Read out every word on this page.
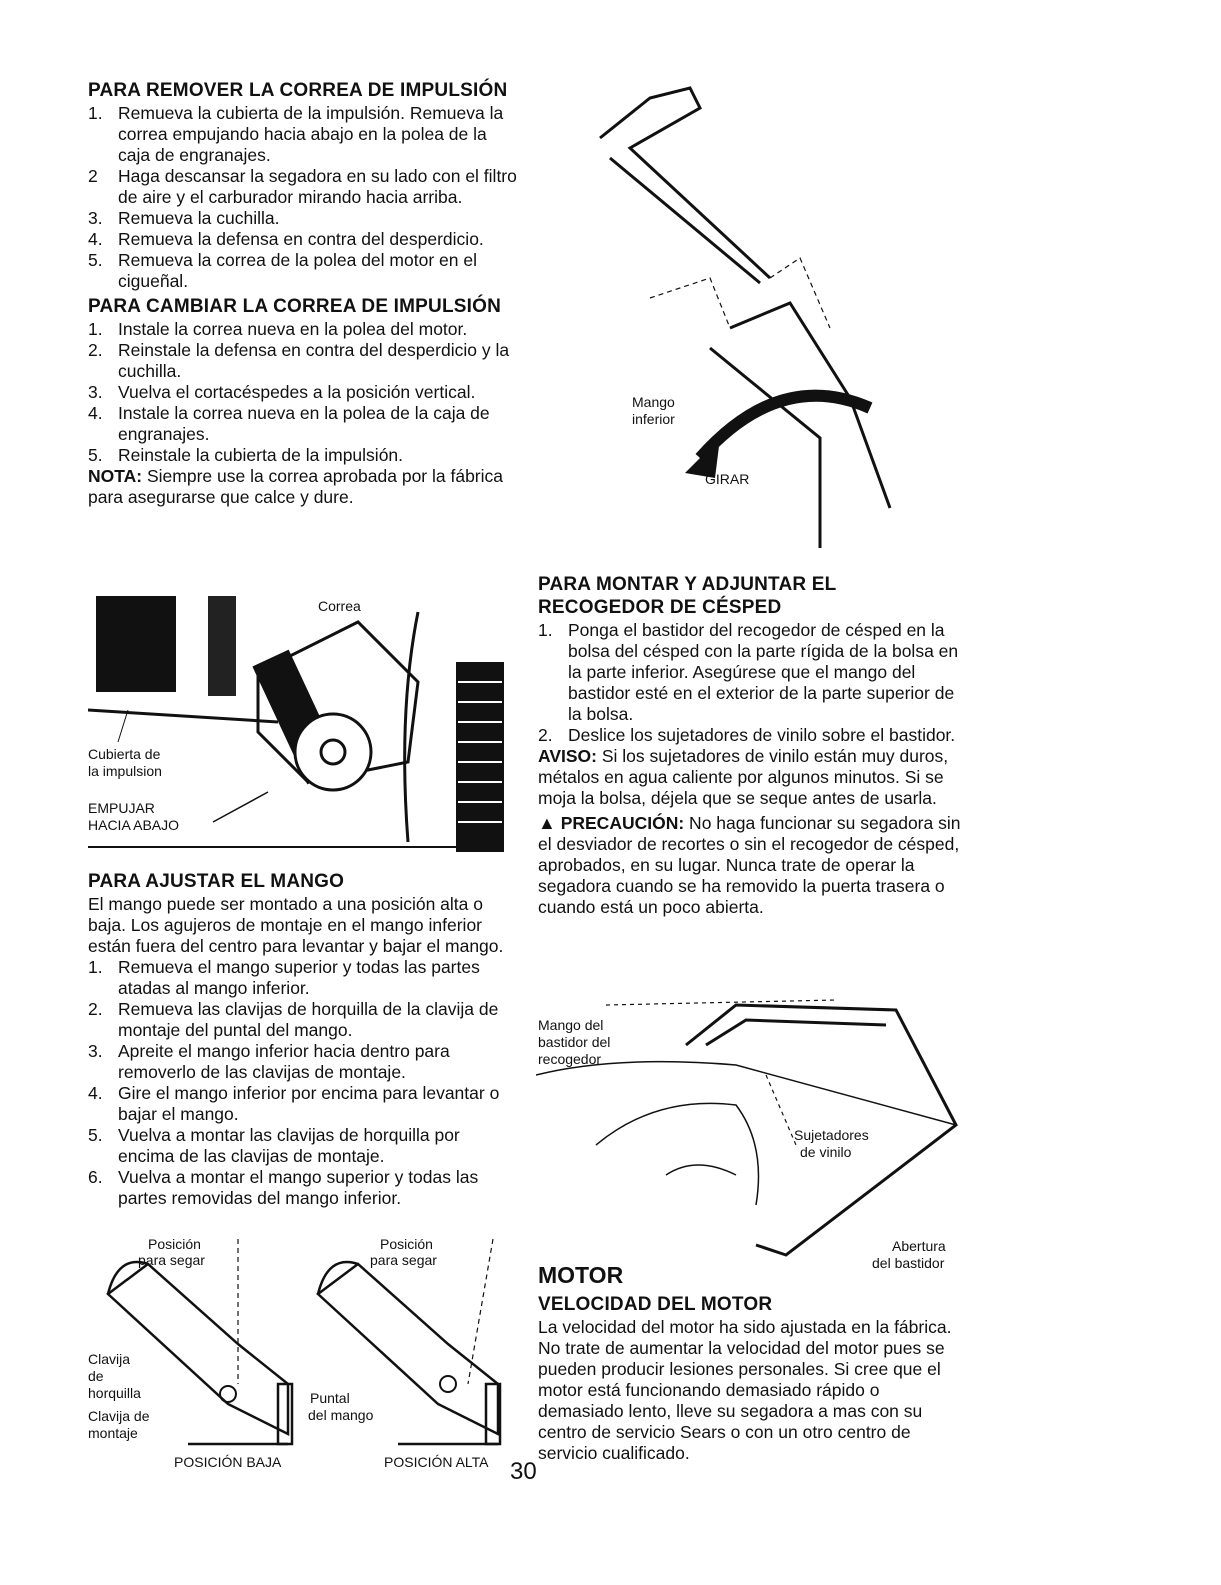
PARA REMOVER LA CORREA DE IMPULSIÓN
1. Remueva la cubierta de la impulsión. Remueva la correa empujando hacia abajo en la polea de la caja de engranajes.
2 Haga descansar la segadora en su lado con el filtro de aire y el carburador mirando hacia arriba.
3. Remueva la cuchilla.
4. Remueva la defensa en contra del desperdicio.
5. Remueva la correa de la polea del motor en el cigueñal.
PARA CAMBIAR LA CORREA DE IMPULSIÓN
1. Instale la correa nueva en la polea del motor.
2. Reinstale la defensa en contra del desperdicio y la cuchilla.
3. Vuelva el cortacéspedes a la posición vertical.
4. Instale la correa nueva en la polea de la caja de engranajes.
5. Reinstale la cubierta de la impulsión.

NOTA: Siempre use la correa aprobada por la fábrica para asegurarse que calce y dure.

Correa
Cubierta de
la impulsion
EMPUJAR
HACIA ABAJO
PARA AJUSTAR EL MANGO

El mango puede ser montado a una posición alta o baja. Los agujeros de montaje en el mango inferior están fuera del centro para levantar y bajar el mango.

1. Remueva el mango superior y todas las partes atadas al mango inferior.
2. Remueva las clavijas de horquilla de la clavija de montaje del puntal del mango.
3. Apreite el mango inferior hacia dentro para removerlo de las clavijas de montaje.
4. Gire el mango inferior por encima para levantar o bajar el mango.
5. Vuelva a montar las clavijas de horquilla por encima de las clavijas de montaje.
6. Vuelva a montar el mango superior y todas las partes removidas del mango inferior.
Posición
para segar
Posición
para segar
Clavija
de
horquilla
Clavija de
montaje
Puntal
del mango
POSICIÓN BAJA	POSICIÓN ALTA
Mango
inferior
GIRAR
PARA MONTAR Y ADJUNTAR EL
RECOGEDOR DE CÉSPED
1. Ponga el bastidor del recogedor de césped en la bolsa del césped con la parte rígida de la bolsa en la parte inferior. Asegúrese que el mango del bastidor esté en el exterior de la parte superior de la bolsa.
2. Deslice los sujetadores de vinilo sobre el bastidor.

AVISO: Si los sujetadores de vinilo están muy duros, métalos en agua caliente por algunos minutos. Si se moja la bolsa, déjela que se seque antes de usarla.

▲ PRECAUCIÓN: No haga funcionar su segadora sin el desviador de recortes o sin el recogedor de césped, aprobados, en su lugar. Nunca trate de operar la segadora cuando se ha removido la puerta trasera o cuando está un poco abierta.

Mango del
bastidor del
recogedor
Sujetadores
de vinilo
Abertura
del bastidor
MOTOR
VELOCIDAD DEL MOTOR

La velocidad del motor ha sido ajustada en la fábrica. No trate de aumentar la velocidad del motor pues se pueden producir lesiones personales. Si cree que el motor está funcionando demasiado rápido o demasiado lento, lleve su segadora a mas con su centro de servicio Sears o con un otro centro de servicio cualificado.

30
